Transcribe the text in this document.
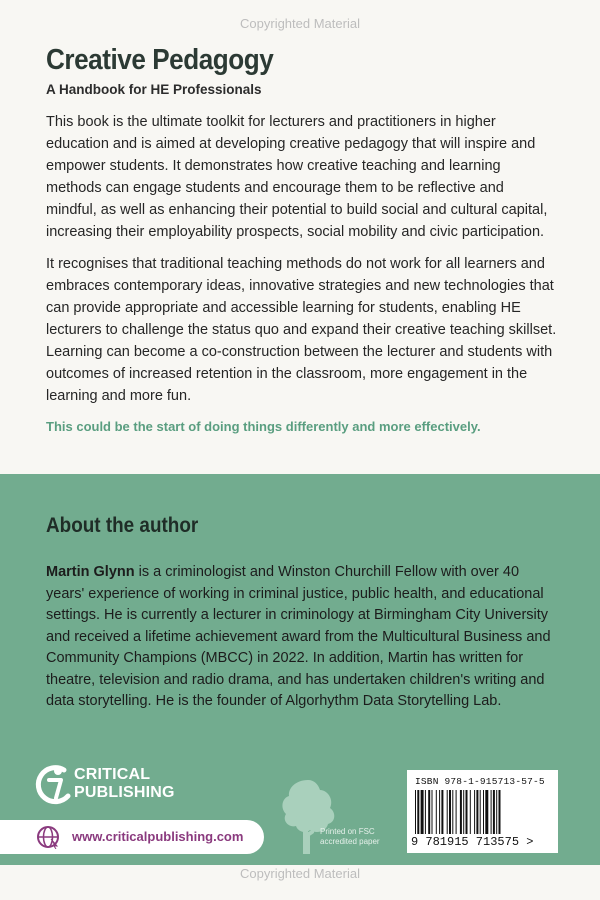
Copyrighted Material
Creative Pedagogy
A Handbook for HE Professionals

This book is the ultimate toolkit for lecturers and practitioners in higher education and is aimed at developing creative pedagogy that will inspire and empower students. It demonstrates how creative teaching and learning methods can engage students and encourage them to be reflective and mindful, as well as enhancing their potential to build social and cultural capital, increasing their employability prospects, social mobility and civic participation.

It recognises that traditional teaching methods do not work for all learners and embraces contemporary ideas, innovative strategies and new technologies that can provide appropriate and accessible learning for students, enabling HE lecturers to challenge the status quo and expand their creative teaching skillset. Learning can become a co-construction between the lecturer and students with outcomes of increased retention in the classroom, more engagement in the learning and more fun.

This could be the start of doing things differently and more effectively.
About the author
Martin Glynn is a criminologist and Winston Churchill Fellow with over 40 years' experience of working in criminal justice, public health, and educational settings. He is currently a lecturer in criminology at Birmingham City University and received a lifetime achievement award from the Multicultural Business and Community Champions (MBCC) in 2022. In addition, Martin has written for theatre, television and radio drama, and has undertaken children's writing and data storytelling. He is the founder of Algorhythm Data Storytelling Lab.
CRITICAL
PUBLISHING
www.criticalpublishing.com	Printed on FSC
accredited paper
ISBN 978-1-915713-57-5
9 781915 713575 >
Copyrighted Material
